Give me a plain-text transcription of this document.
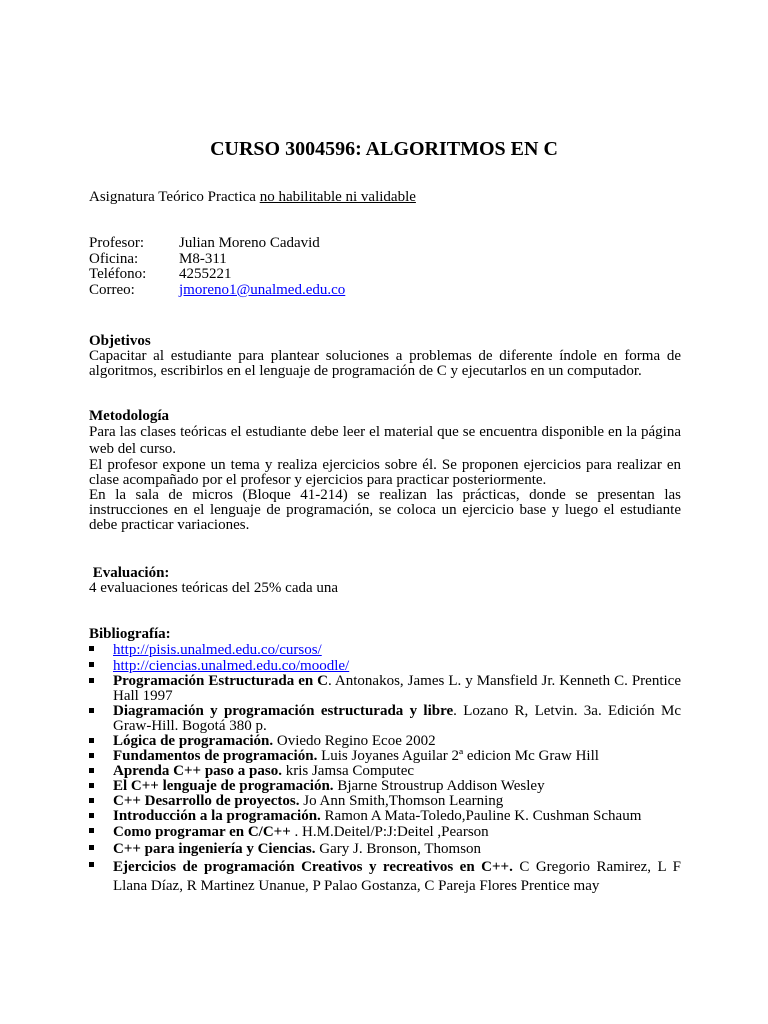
CURSO 3004596: ALGORITMOS EN C
Asignatura Teórico Practica no habilitable ni validable
Profesor:	Julian Moreno Cadavid
Oficina:	M8-311
Teléfono:	4255221
Correo:	jmoreno1@unalmed.edu.co
Objetivos
Capacitar al estudiante para plantear soluciones a problemas de diferente índole en forma de algoritmos, escribirlos en el lenguaje de programación de C y ejecutarlos en un computador.
Metodología
Para las clases teóricas el estudiante debe leer el material que se encuentra disponible en la página web del curso.
El profesor expone un tema y realiza ejercicios sobre él. Se proponen ejercicios para realizar en clase acompañado por el profesor y ejercicios para practicar posteriormente.
En la sala de micros (Bloque 41-214) se realizan las prácticas, donde se presentan las instrucciones en el lenguaje de programación, se coloca un ejercicio base y luego el estudiante debe practicar variaciones.
Evaluación:
4 evaluaciones teóricas del 25% cada una
Bibliografía:
http://pisis.unalmed.edu.co/cursos/
http://ciencias.unalmed.edu.co/moodle/
Programación Estructurada en C. Antonakos, James L. y Mansfield Jr. Kenneth C. Prentice Hall 1997
Diagramación y programación estructurada y libre. Lozano R, Letvin. 3a. Edición Mc Graw-Hill. Bogotá 380 p.
Lógica de programación. Oviedo Regino Ecoe 2002
Fundamentos de programación. Luis Joyanes Aguilar 2ª edicion Mc Graw Hill
Aprenda C++ paso a paso. kris Jamsa Computec
El C++ lenguaje de programación. Bjarne Stroustrup Addison Wesley
C++ Desarrollo de proyectos. Jo Ann Smith,Thomson Learning
Introducción a la programación. Ramon A Mata-Toledo,Pauline K. Cushman Schaum
Como programar en C/C++ . H.M.Deitel/P:J:Deitel ,Pearson
C++ para ingeniería y Ciencias. Gary J. Bronson, Thomson
Ejercicios de programación Creativos y recreativos en C++. C Gregorio Ramirez, L F Llana Díaz, R Martinez Unanue, P Palao Gostanza, C Pareja Flores Prentice may
